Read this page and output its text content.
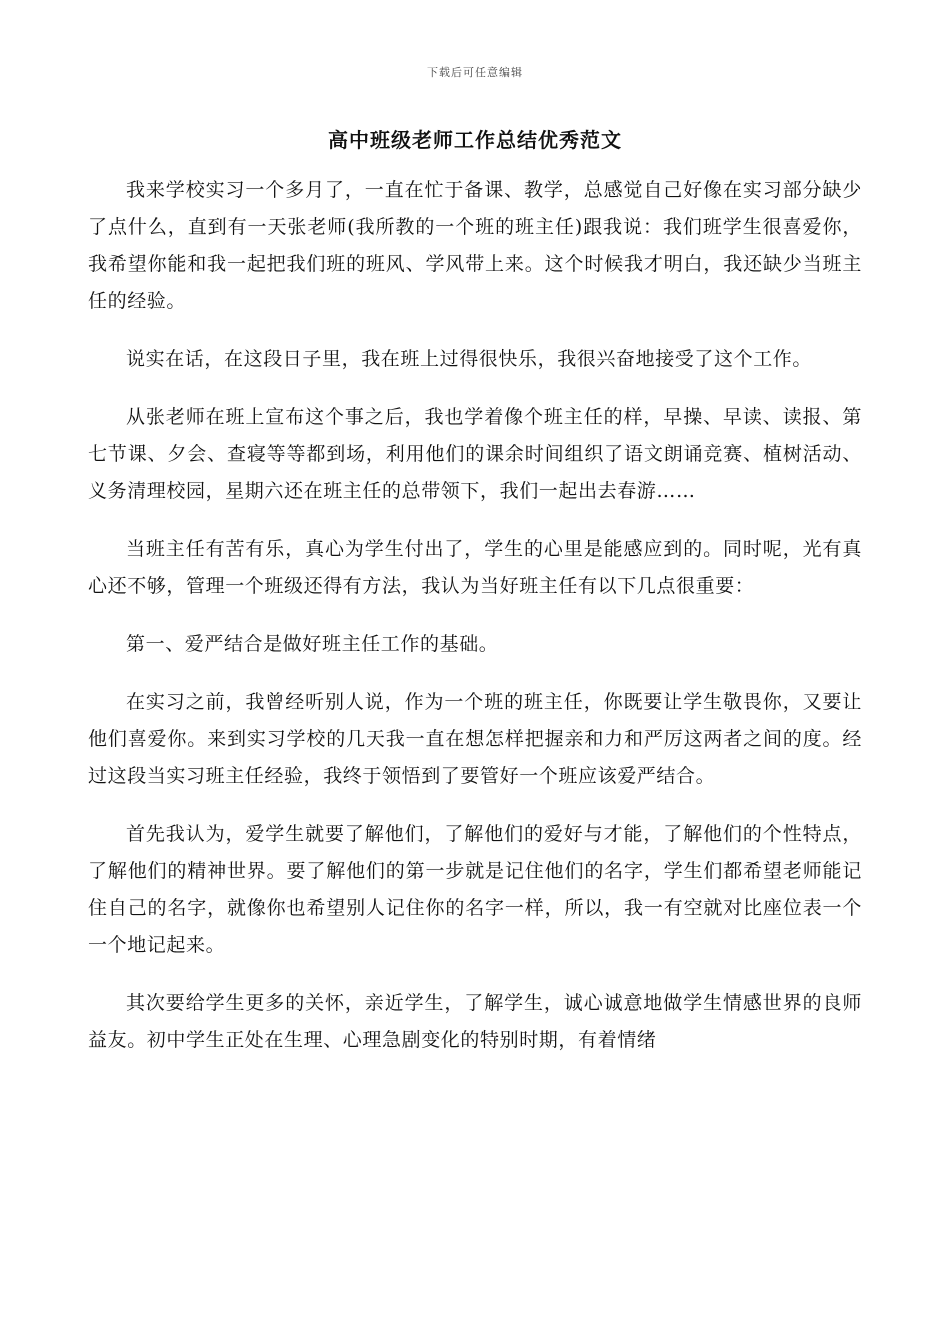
下载后可任意编辑
高中班级老师工作总结优秀范文

我来学校实习一个多月了，一直在忙于备课、教学，总感觉自己好像在实习部分缺少了点什么，直到有一天张老师(我所教的一个班的班主任)跟我说：我们班学生很喜爱你，我希望你能和我一起把我们班的班风、学风带上来。这个时候我才明白，我还缺少当班主任的经验。

说实在话，在这段日子里，我在班上过得很快乐，我很兴奋地接受了这个工作。

从张老师在班上宣布这个事之后，我也学着像个班主任的样，早操、早读、读报、第七节课、夕会、查寝等等都到场，利用他们的课余时间组织了语文朗诵竞赛、植树活动、义务清理校园，星期六还在班主任的总带领下，我们一起出去春游……

当班主任有苦有乐，真心为学生付出了，学生的心里是能感应到的。同时呢，光有真心还不够，管理一个班级还得有方法，我认为当好班主任有以下几点很重要：

第一、爱严结合是做好班主任工作的基础。

在实习之前，我曾经听别人说，作为一个班的班主任，你既要让学生敬畏你，又要让他们喜爱你。来到实习学校的几天我一直在想怎样把握亲和力和严厉这两者之间的度。经过这段当实习班主任经验，我终于领悟到了要管好一个班应该爱严结合。

首先我认为，爱学生就要了解他们，了解他们的爱好与才能，了解他们的个性特点，了解他们的精神世界。要了解他们的第一步就是记住他们的名字，学生们都希望老师能记住自己的名字，就像你也希望别人记住你的名字一样，所以，我一有空就对比座位表一个一个地记起来。

其次要给学生更多的关怀，亲近学生，了解学生，诚心诚意地做学生情感世界的良师益友。初中学生正处在生理、心理急剧变化的特别时期，有着情绪
